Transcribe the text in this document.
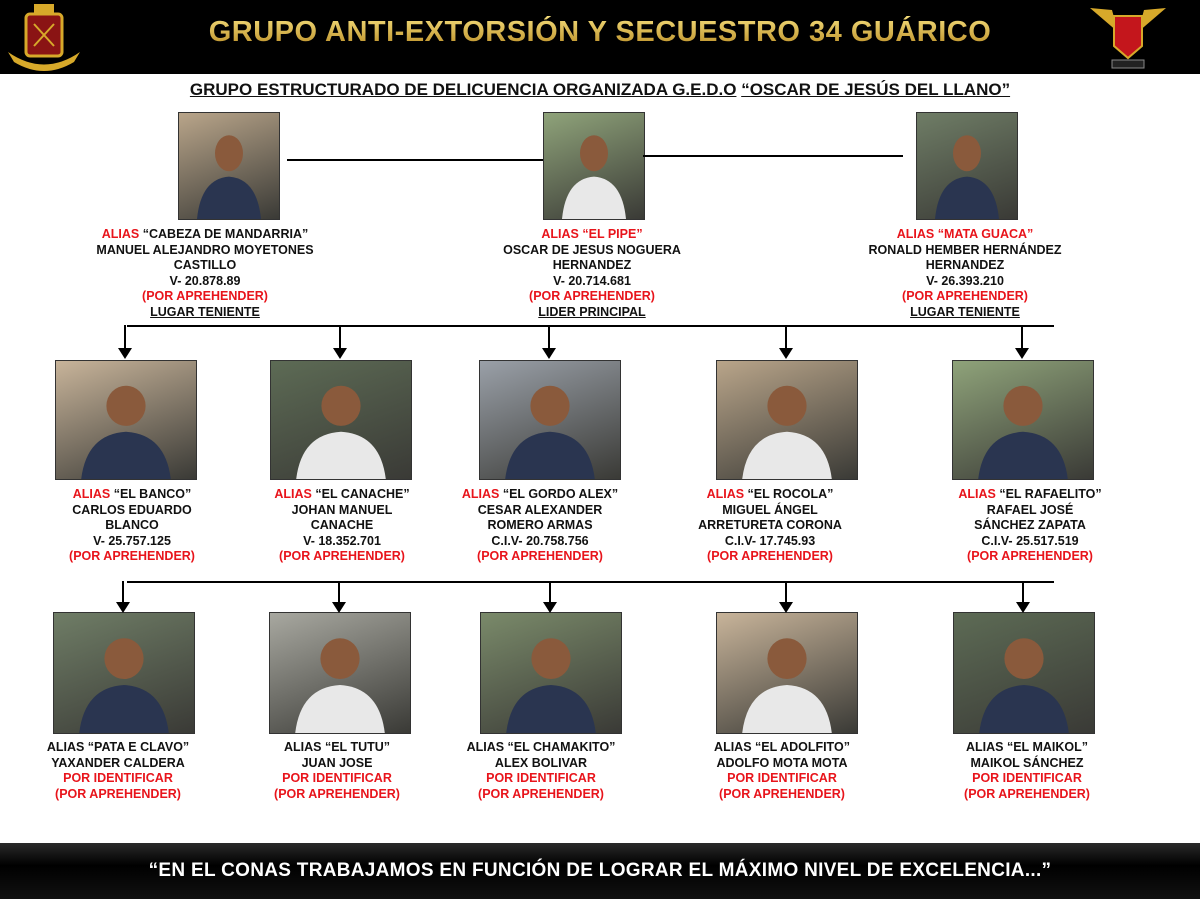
GRUPO ANTI-EXTORSIÓN Y SECUESTRO 34 GUÁRICO
GRUPO ESTRUCTURADO DE DELICUENCIA ORGANIZADA G.E.D.O “OSCAR DE JESÚS DEL LLANO”
ALIAS “CABEZA DE MANDARRIA”
MANUEL ALEJANDRO MOYETONES
CASTILLO
V- 20.878.89
(POR APREHENDER)
LUGAR TENIENTE
ALIAS “EL PIPE”
OSCAR DE JESUS NOGUERA
HERNANDEZ
V- 20.714.681
(POR APREHENDER)
LIDER PRINCIPAL
ALIAS “MATA GUACA”
RONALD HEMBER HERNÁNDEZ
HERNANDEZ
V- 26.393.210
(POR APREHENDER)
LUGAR TENIENTE
ALIAS “EL BANCO”
CARLOS EDUARDO
BLANCO
V- 25.757.125
(POR APREHENDER)
ALIAS “EL CANACHE”
JOHAN MANUEL
CANACHE
V- 18.352.701
(POR APREHENDER)
ALIAS “EL GORDO ALEX”
CESAR ALEXANDER
ROMERO ARMAS
C.I.V- 20.758.756
(POR APREHENDER)
ALIAS “EL ROCOLA”
MIGUEL ÁNGEL
ARRETURETA CORONA
C.I.V- 17.745.93
(POR APREHENDER)
ALIAS “EL RAFAELITO”
RAFAEL JOSÉ
SÁNCHEZ ZAPATA
C.I.V- 25.517.519
(POR APREHENDER)
ALIAS “PATA E CLAVO”
YAXANDER CALDERA
POR IDENTIFICAR
(POR APREHENDER)
ALIAS “EL TUTU”
JUAN JOSE
POR IDENTIFICAR
(POR APREHENDER)
ALIAS “EL CHAMAKITO”
ALEX BOLIVAR
POR IDENTIFICAR
(POR APREHENDER)
ALIAS “EL ADOLFITO”
ADOLFO MOTA MOTA
POR IDENTIFICAR
(POR APREHENDER)
ALIAS “EL MAIKOL”
MAIKOL SÁNCHEZ
POR IDENTIFICAR
(POR APREHENDER)
“EN EL CONAS TRABAJAMOS EN FUNCIÓN DE LOGRAR EL MÁXIMO NIVEL DE EXCELENCIA...”
